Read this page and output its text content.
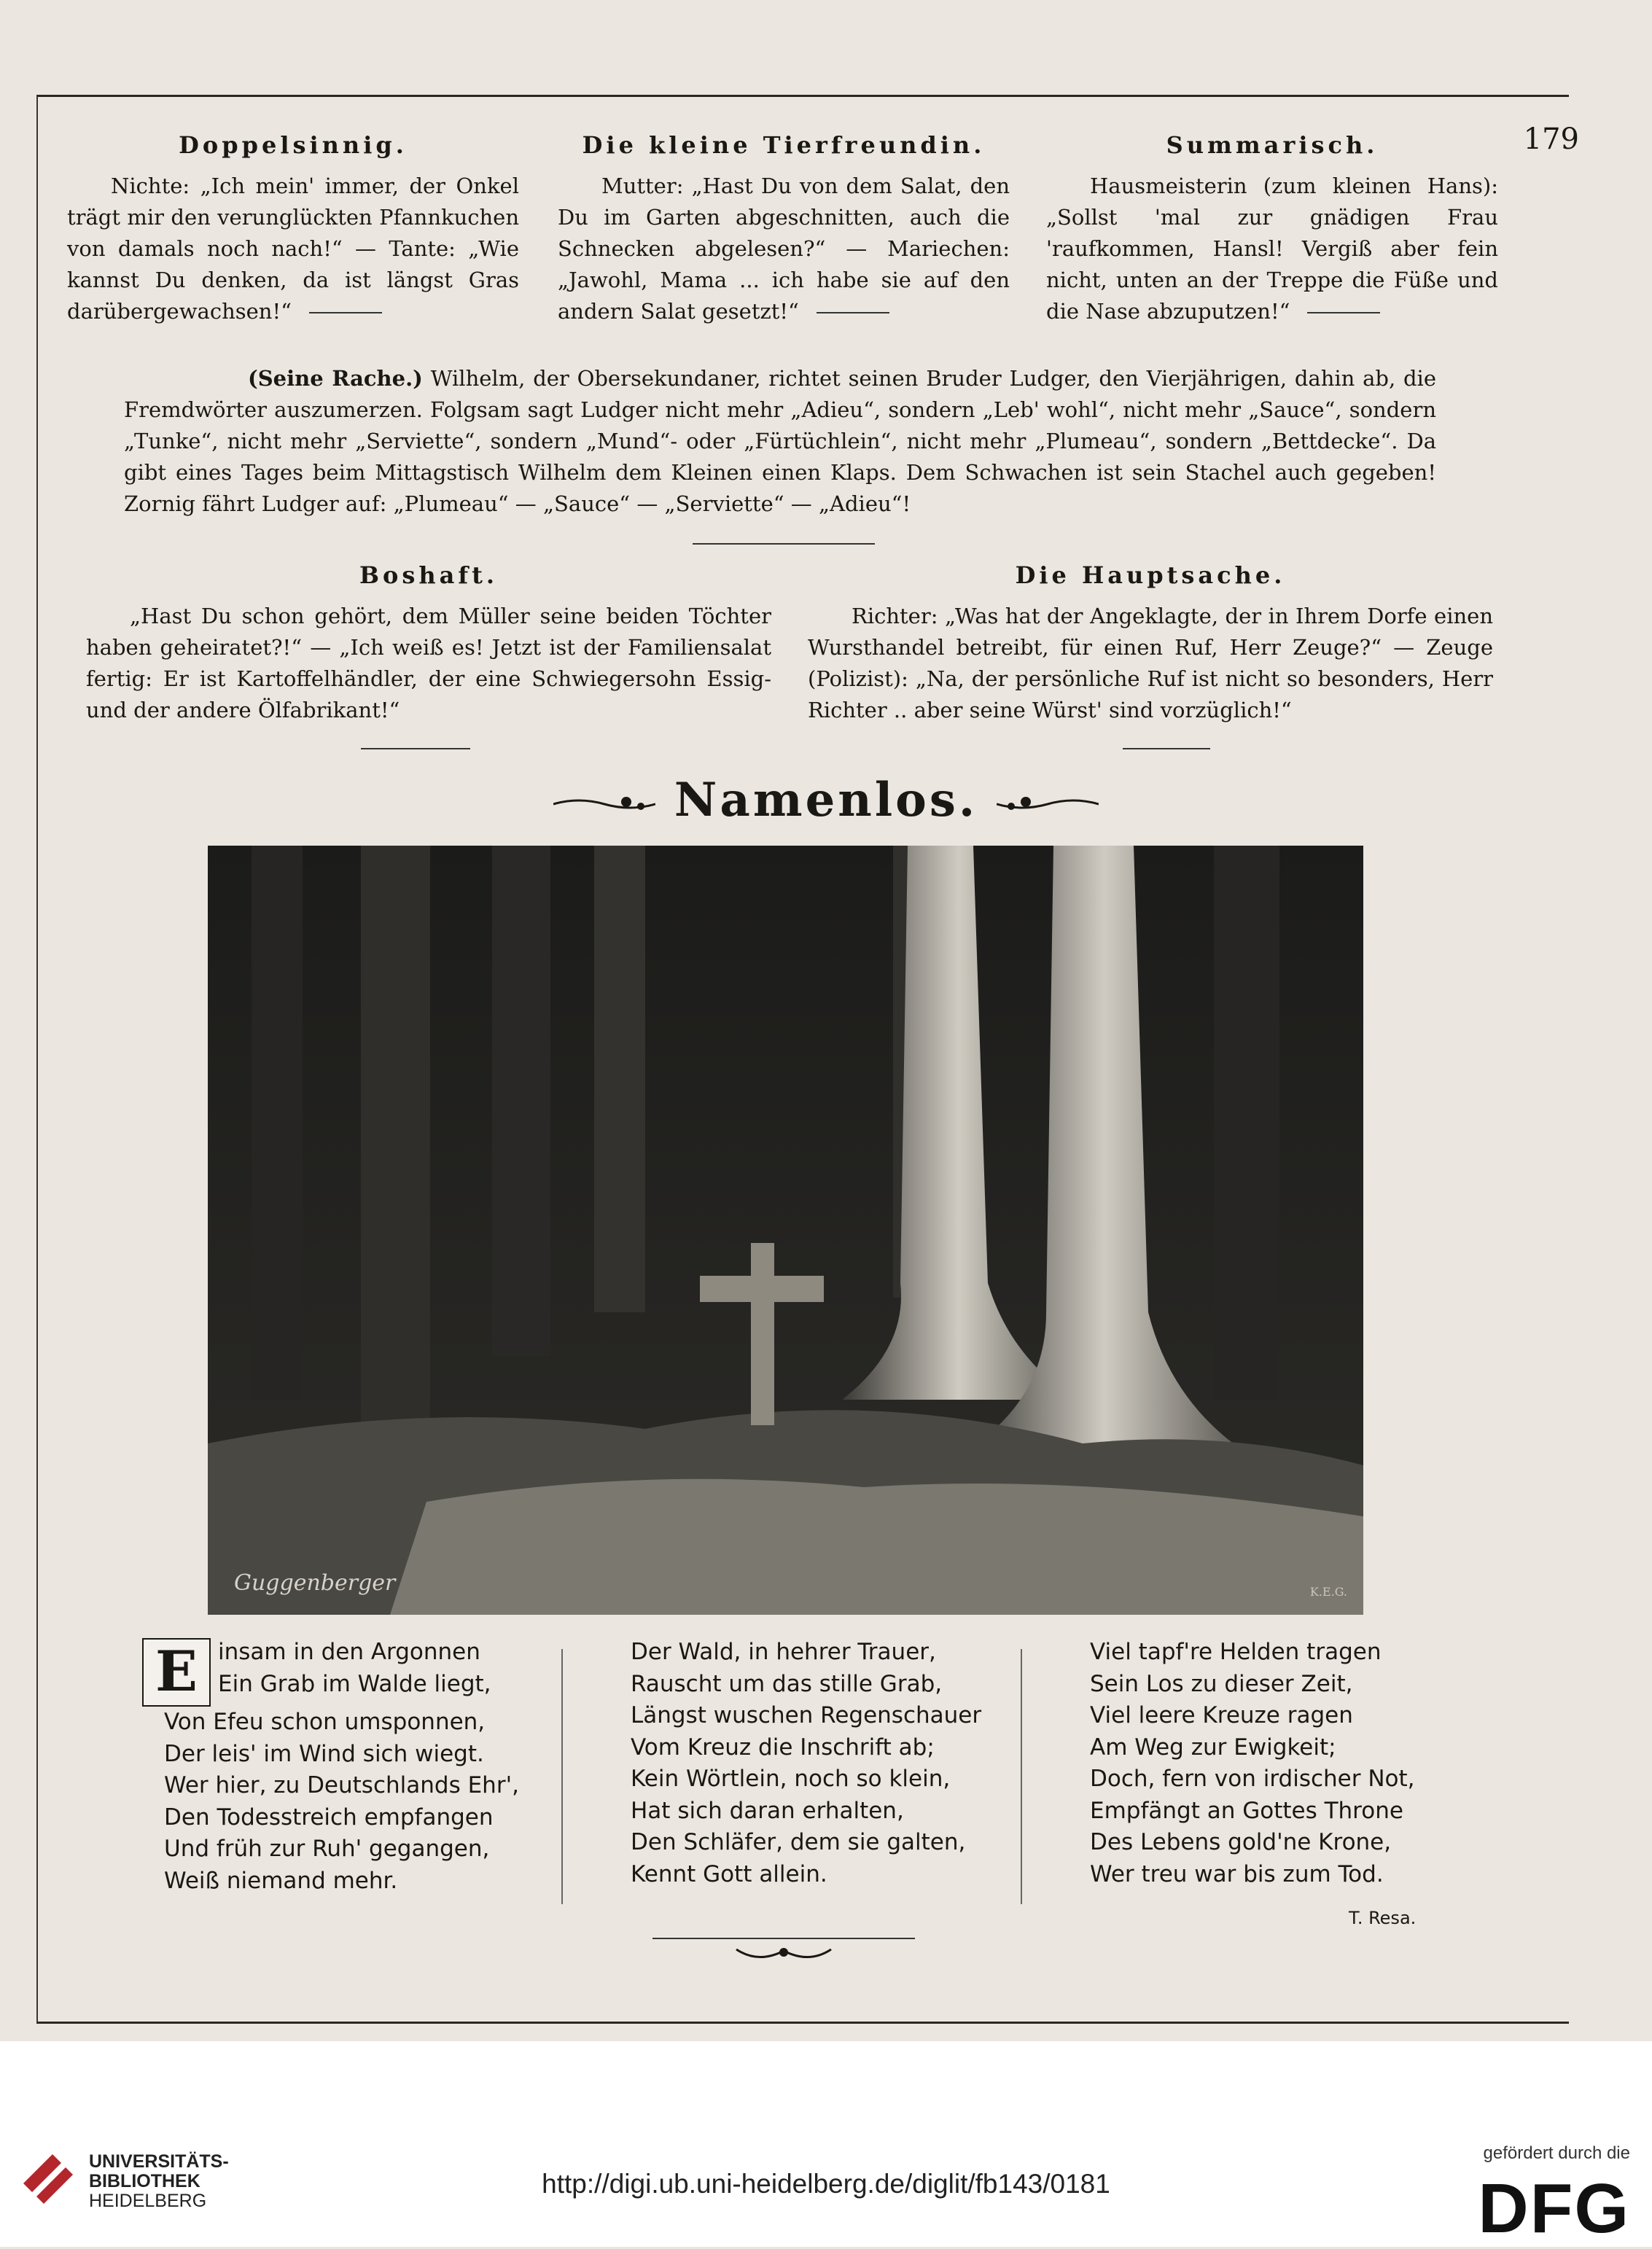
179
Doppelsinnig.

Nichte: „Ich mein' immer, der Onkel trägt mir den verunglückten Pfannkuchen von damals noch nach!“ — Tante: „Wie kannst Du denken, da ist längst Gras darübergewachsen!“

Die kleine Tierfreundin.

Mutter: „Hast Du von dem Salat, den Du im Garten abgeschnitten, auch die Schnecken abgelesen?“ — Mariechen: „Jawohl, Mama ... ich habe sie auf den andern Salat gesetzt!“

Summarisch.

Hausmeisterin (zum kleinen Hans): „Sollst 'mal zur gnädigen Frau 'raufkommen, Hansl! Vergiß aber fein nicht, unten an der Treppe die Füße und die Nase abzuputzen!“

(Seine Rache.) Wilhelm, der Obersekundaner, richtet seinen Bruder Ludger, den Vierjährigen, dahin ab, die Fremdwörter auszumerzen. Folgsam sagt Ludger nicht mehr „Adieu“, sondern „Leb' wohl“, nicht mehr „Sauce“, sondern „Tunke“, nicht mehr „Serviette“, sondern „Mund“- oder „Fürtüchlein“, nicht mehr „Plumeau“, sondern „Bettdecke“. Da gibt eines Tages beim Mittagstisch Wilhelm dem Kleinen einen Klaps. Dem Schwachen ist sein Stachel auch gegeben! Zornig fährt Ludger auf: „Plumeau“ — „Sauce“ — „Serviette“ — „Adieu“!

Boshaft.

„Hast Du schon gehört, dem Müller seine beiden Töchter haben geheiratet?!“ — „Ich weiß es! Jetzt ist der Familiensalat fertig: Er ist Kartoffelhändler, der eine Schwiegersohn Essig- und der andere Ölfabrikant!“

Die Hauptsache.

Richter: „Was hat der Angeklagte, der in Ihrem Dorfe einen Wursthandel betreibt, für einen Ruf, Herr Zeuge?“ — Zeuge (Polizist): „Na, der persönliche Ruf ist nicht so besonders, Herr Richter .. aber seine Würst' sind vorzüglich!“

Namenlos.
Guggenberger	K.E.G.
E insam in den Argonnen
Ein Grab im Walde liegt,
Von Efeu schon umsponnen,
Der leis' im Wind sich wiegt.
Wer hier, zu Deutschlands Ehr',
Den Todesstreich empfangen
Und früh zur Ruh' gegangen,
Weiß niemand mehr.
Der Wald, in hehrer Trauer,
Rauscht um das stille Grab,
Längst wuschen Regenschauer
Vom Kreuz die Inschrift ab;
Kein Wörtlein, noch so klein,
Hat sich daran erhalten,
Den Schläfer, dem sie galten,
Kennt Gott allein.
Viel tapf're Helden tragen
Sein Los zu dieser Zeit,
Viel leere Kreuze ragen
Am Weg zur Ewigkeit;
Doch, fern von irdischer Not,
Empfängt an Gottes Throne
Des Lebens gold'ne Krone,
Wer treu war bis zum Tod.
T. Resa.
UNIVERSITÄTS-
BIBLIOTHEK
HEIDELBERG
http://digi.ub.uni-heidelberg.de/diglit/fb143/0181
gefördert durch die
DFG
